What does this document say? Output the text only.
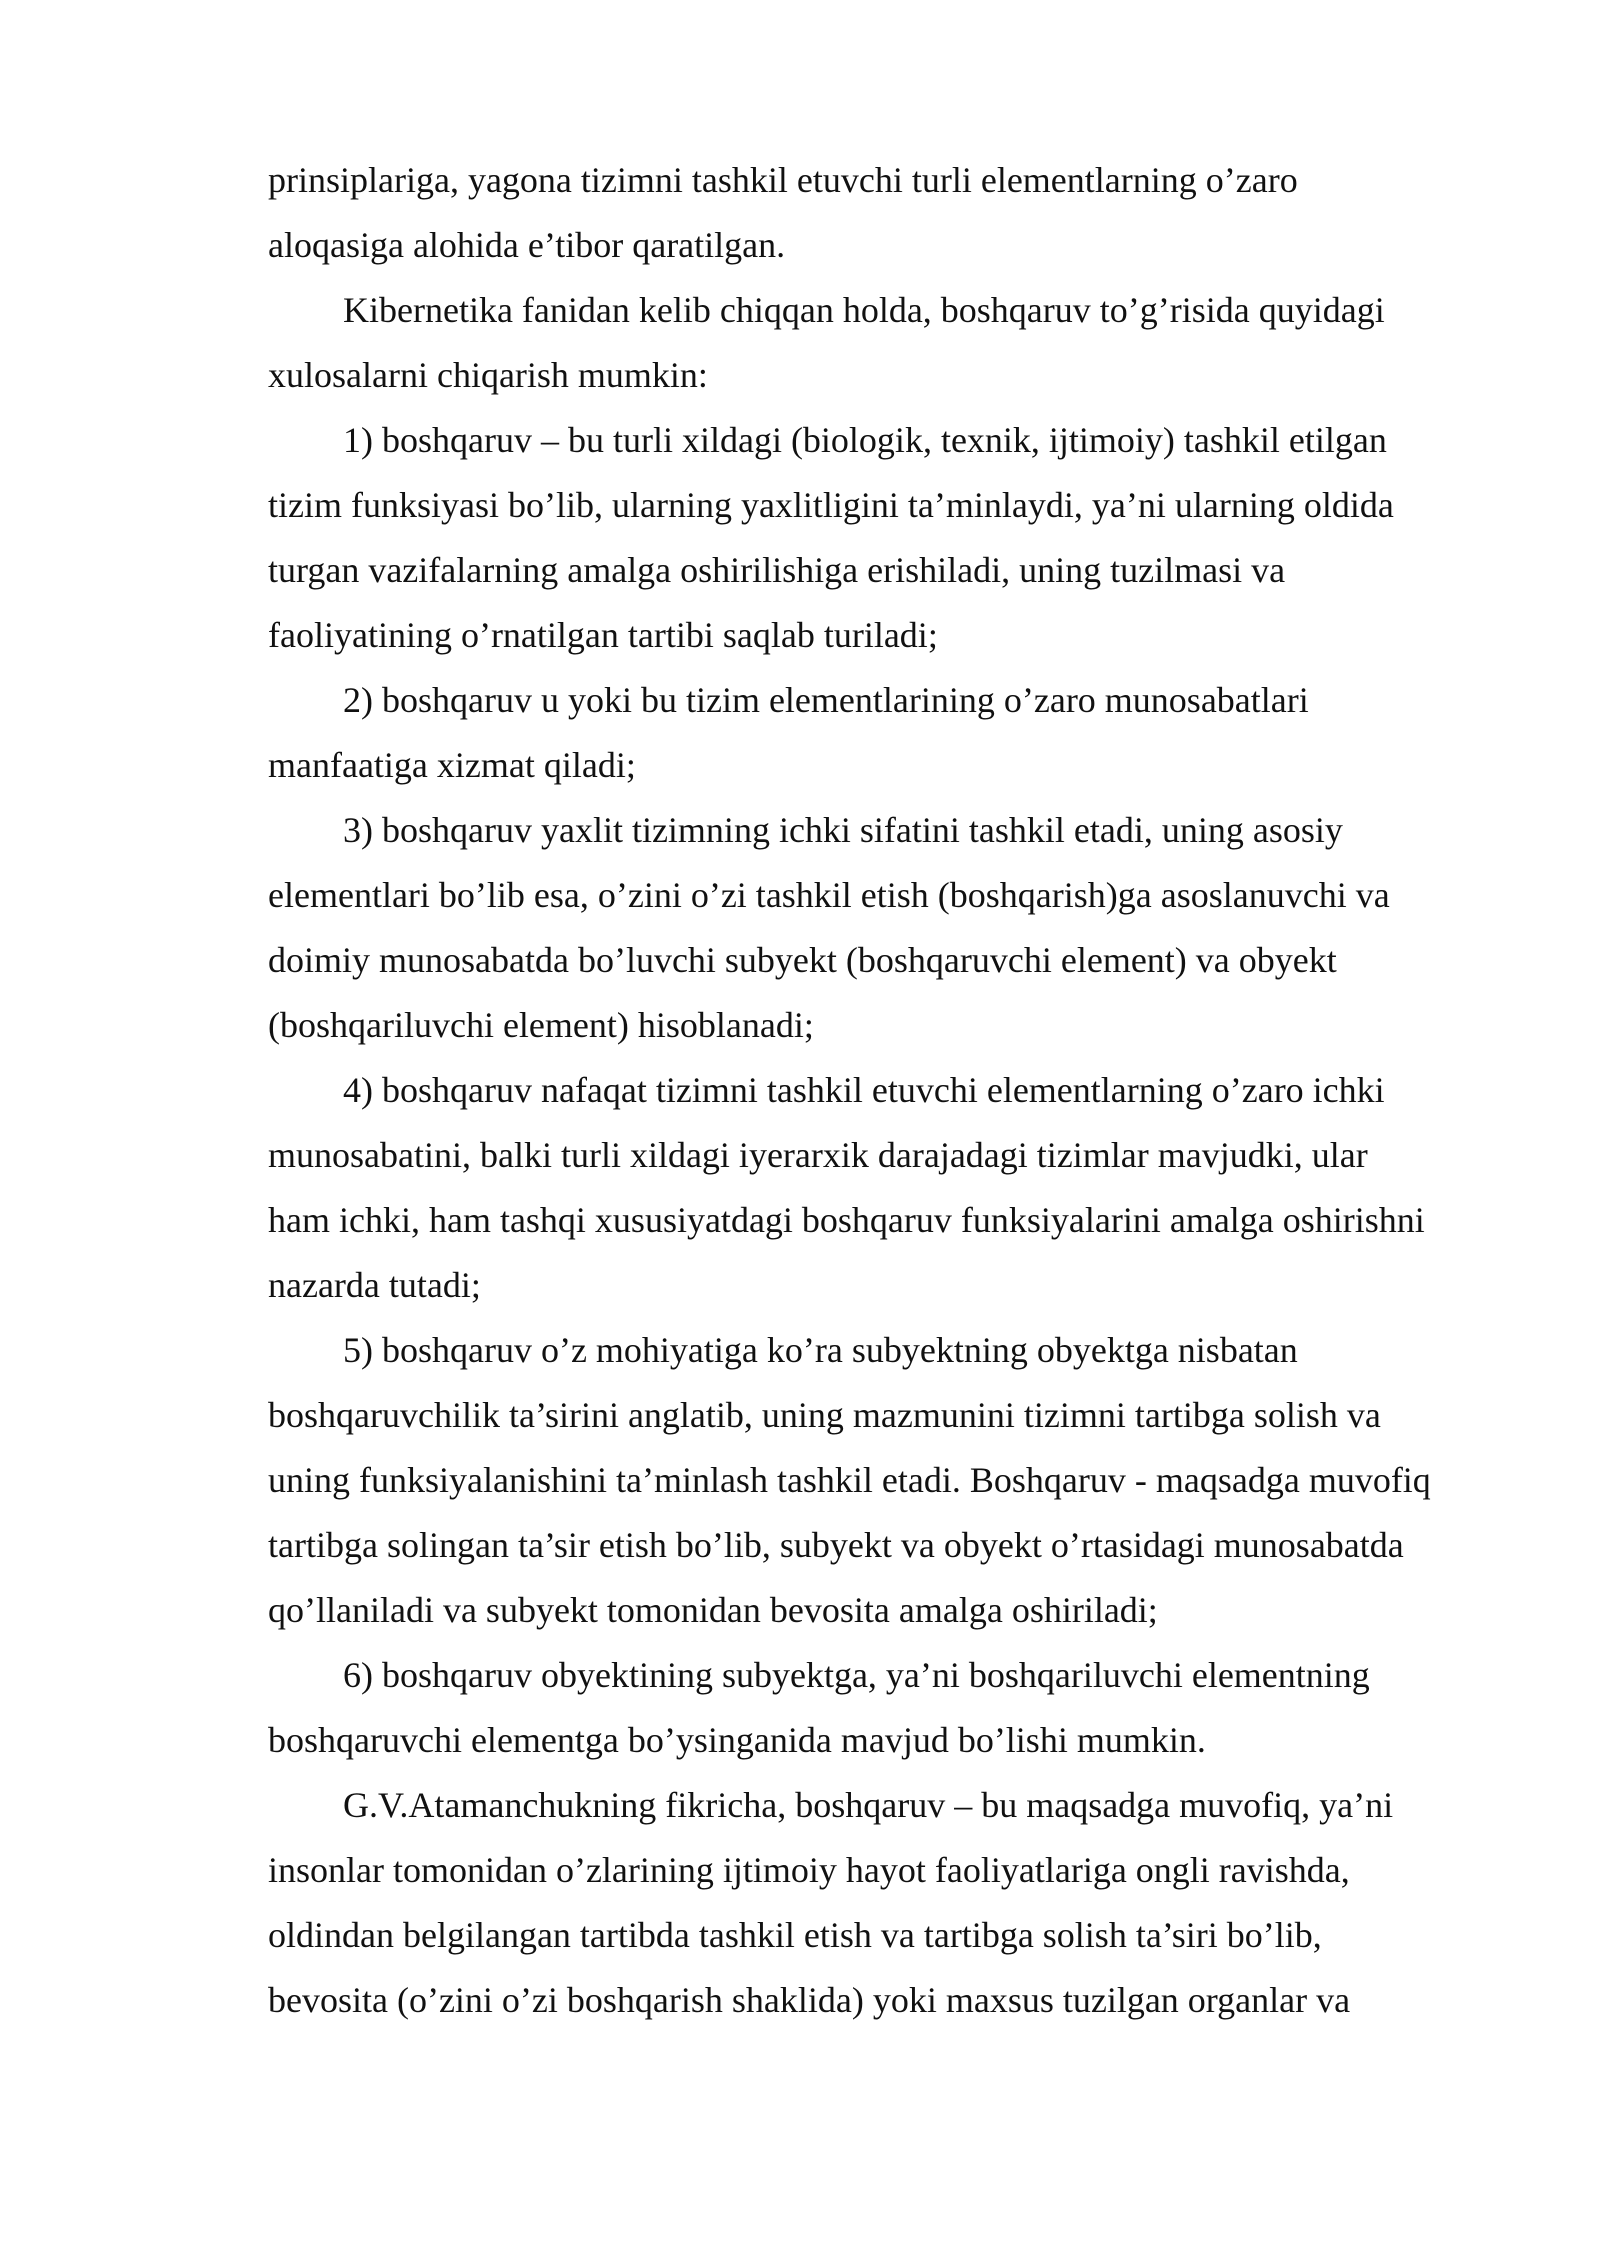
prinsiplariga, yagona tizimni tashkil etuvchi turli elementlarning o’zaro
aloqasiga alohida e’tibor qaratilgan.
Kibernetika fanidan kelib chiqqan holda, boshqaruv to’g’risida quyidagi
xulosalarni chiqarish mumkin:
1) boshqaruv – bu turli xildagi (biologik, texnik, ijtimoiy) tashkil etilgan
tizim funksiyasi bo’lib, ularning yaxlitligini ta’minlaydi, ya’ni ularning oldida
turgan vazifalarning amalga oshirilishiga erishiladi, uning tuzilmasi va
faoliyatining o’rnatilgan tartibi saqlab turiladi;
2) boshqaruv u yoki bu tizim elementlarining o’zaro munosabatlari
manfaatiga xizmat qiladi;
3) boshqaruv yaxlit tizimning ichki sifatini tashkil etadi, uning asosiy
elementlari bo’lib esa, o’zini o’zi tashkil etish (boshqarish)ga asoslanuvchi va
doimiy munosabatda bo’luvchi subyekt (boshqaruvchi element) va obyekt
(boshqariluvchi element) hisoblanadi;
4) boshqaruv nafaqat tizimni tashkil etuvchi elementlarning o’zaro ichki
munosabatini, balki turli xildagi iyerarxik darajadagi tizimlar mavjudki, ular
ham ichki, ham tashqi xususiyatdagi boshqaruv funksiyalarini amalga oshirishni
nazarda tutadi;
5) boshqaruv o’z mohiyatiga ko’ra subyektning obyektga nisbatan
boshqaruvchilik ta’sirini anglatib, uning mazmunini tizimni tartibga solish va
uning funksiyalanishini ta’minlash tashkil etadi. Boshqaruv - maqsadga muvofiq
tartibga solingan ta’sir etish bo’lib, subyekt va obyekt o’rtasidagi munosabatda
qo’llaniladi va subyekt tomonidan bevosita amalga oshiriladi;
6) boshqaruv obyektining subyektga, ya’ni boshqariluvchi elementning
boshqaruvchi elementga bo’ysinganida mavjud bo’lishi mumkin.
G.V.Atamanchukning fikricha, boshqaruv – bu maqsadga muvofiq, ya’ni
insonlar tomonidan o’zlarining ijtimoiy hayot faoliyatlariga ongli ravishda,
oldindan belgilangan tartibda tashkil etish va tartibga solish ta’siri bo’lib,
bevosita (o’zini o’zi boshqarish shaklida) yoki maxsus tuzilgan organlar va
